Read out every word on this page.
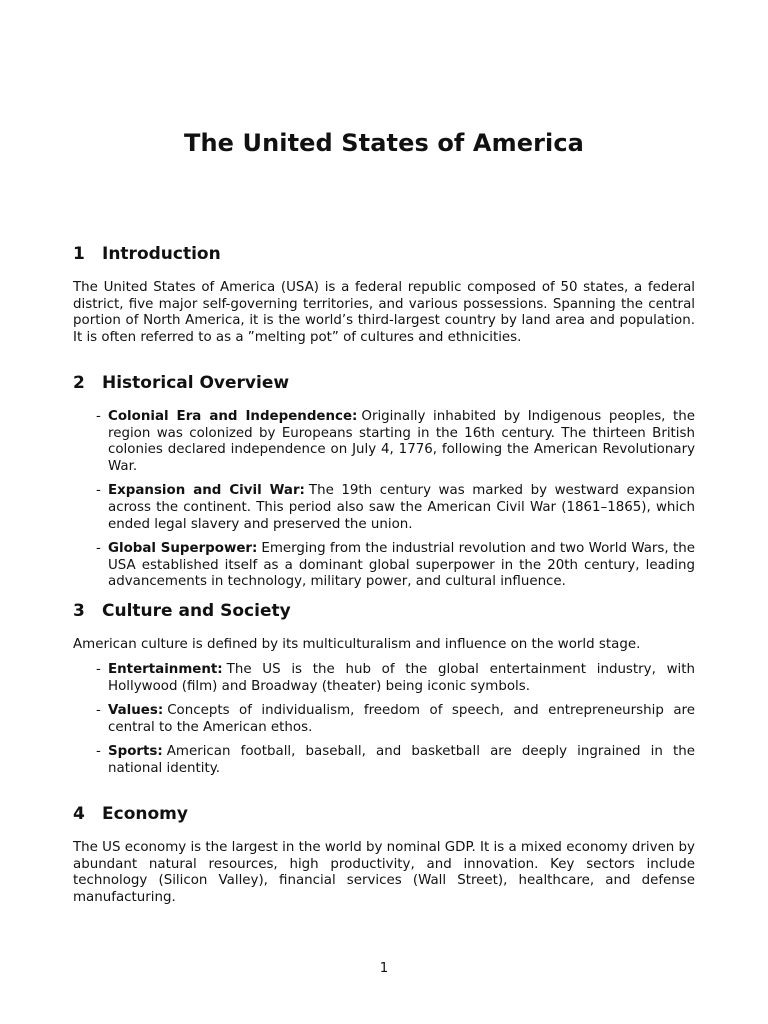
The United States of America
1 Introduction

The United States of America (USA) is a federal republic composed of 50 states, a federal district, five major self-governing territories, and various possessions. Spanning the central portion of North America, it is the world’s third-largest country by land area and population. It is often referred to as a ”melting pot” of cultures and ethnicities.

2 Historical Overview
- Colonial Era and Independence: Originally inhabited by Indigenous peoples, the region was colonized by Europeans starting in the 16th century. The thirteen British colonies declared independence on July 4, 1776, following the American Revolutionary War.
- Expansion and Civil War: The 19th century was marked by westward expansion across the continent. This period also saw the American Civil War (1861–1865), which ended legal slavery and preserved the union.
- Global Superpower: Emerging from the industrial revolution and two World Wars, the USA established itself as a dominant global superpower in the 20th century, leading advancements in technology, military power, and cultural influence.
3 Culture and Society

American culture is defined by its multiculturalism and influence on the world stage.

- Entertainment: The US is the hub of the global entertainment industry, with Hollywood (film) and Broadway (theater) being iconic symbols.
- Values: Concepts of individualism, freedom of speech, and entrepreneurship are central to the American ethos.
- Sports: American football, baseball, and basketball are deeply ingrained in the national identity.
4 Economy

The US economy is the largest in the world by nominal GDP. It is a mixed economy driven by abundant natural resources, high productivity, and innovation. Key sectors include technology (Silicon Valley), financial services (Wall Street), healthcare, and defense manufacturing.

1
